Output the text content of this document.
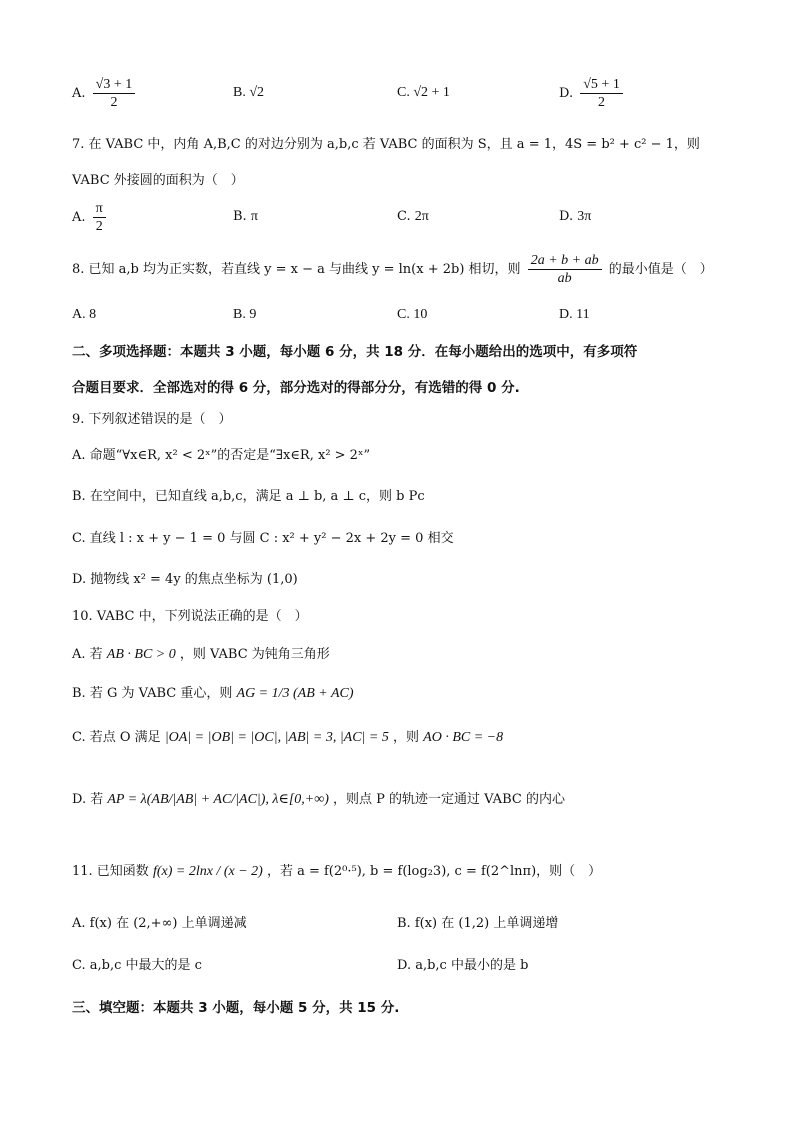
A. $\frac{√3 + 1}{2}$	B. √2	C. √2 + 1	D. $\frac{√5 + 1}{2}$
7. 在 VABC 中，内角 A,B,C 的对边分别为 a,b,c 若 VABC 的面积为 S，且 a = 1，4S = b² + c² − 1，则
VABC 外接圆的面积为（　）
A. $\frac{\pi}{2}$	B. π	C. 2π	D. 3π
8. 已知 a,b 均为正实数，若直线 y = x − a 与曲线 y = ln(x + 2b) 相切，则 $\frac{2a + b + ab}{ab}$ 的最小值是（　）
A. 8	B. 9	C. 10	D. 11
二、多项选择题：本题共 3 小题，每小题 6 分，共 18 分．在每小题给出的选项中，有多项符
合题目要求．全部选对的得 6 分，部分选对的得部分分，有选错的得 0 分.
9. 下列叙述错误的是（　）
A. 命题“∀x∈R, x² < 2ˣ”的否定是“∃x∈R, x² > 2ˣ”
B. 在空间中，已知直线 a,b,c，满足 a ⊥ b, a ⊥ c，则 b Pc
C. 直线 l : x + y − 1 = 0 与圆 C : x² + y² − 2x + 2y = 0 相交
D. 抛物线 x² = 4y 的焦点坐标为 (1,0)
10. VABC 中，下列说法正确的是（　）
A. 若 AB · BC > 0 ，则 VABC 为钝角三角形
B. 若 G 为 VABC 重心，则 AG = 1/3 (AB + AC)
C. 若点 O 满足 |OA| = |OB| = |OC|, |AB| = 3, |AC| = 5 ，则 AO · BC = −8
D. 若 AP = λ(AB/|AB| + AC/|AC|), λ∈[0,+∞) ，则点 P 的轨迹一定通过 VABC 的内心
11. 已知函数 f(x) = 2lnx / (x − 2) ，若 a = f(2⁰·⁵), b = f(log₂3), c = f(2^lnπ)，则（　）
A. f(x) 在 (2,+∞) 上单调递减	B. f(x) 在 (1,2) 上单调递增
C. a,b,c 中最大的是 c	D. a,b,c 中最小的是 b
三、填空题：本题共 3 小题，每小题 5 分，共 15 分.
